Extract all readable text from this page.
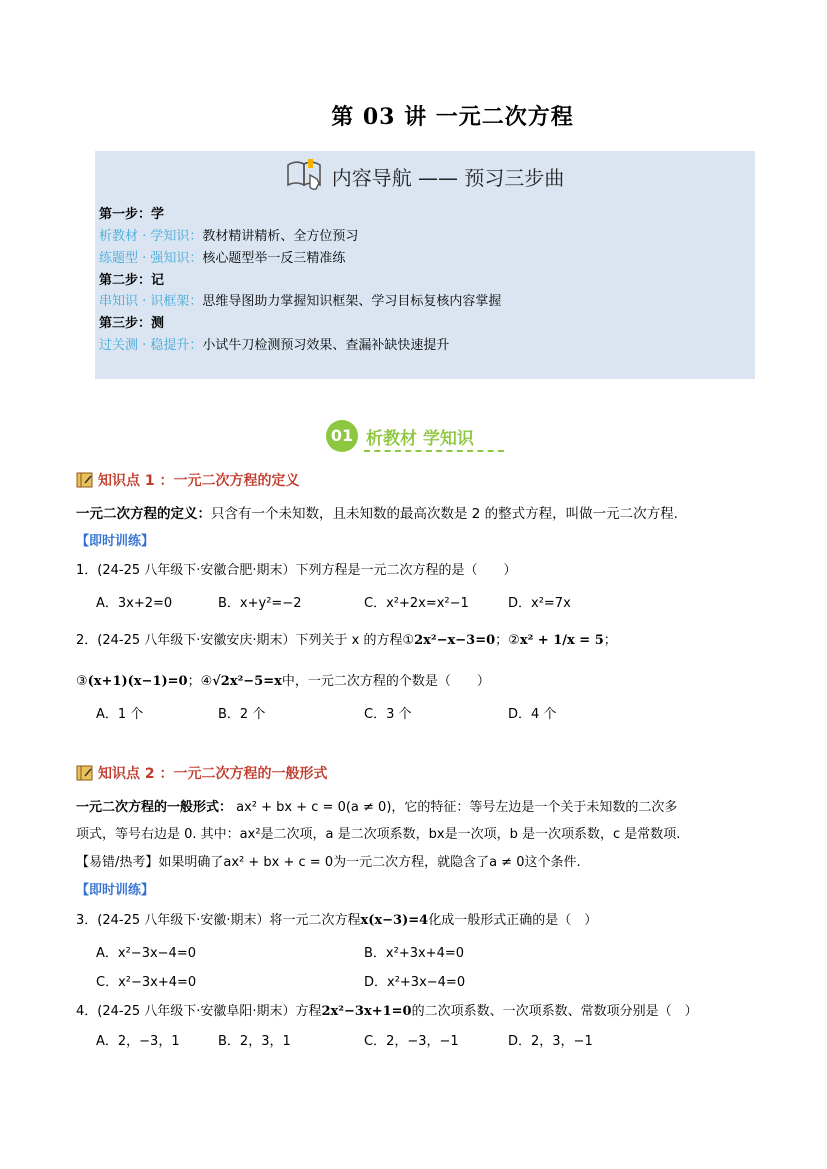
第 03 讲 一元二次方程
内容导航 —— 预习三步曲
第一步：学
析教材 · 学知识：教材精讲精析、全方位预习
练题型 · 强知识：核心题型举一反三精准练
第二步：记
串知识 · 识框架：思维导图助力掌握知识框架、学习目标复核内容掌握
第三步：测
过关测 · 稳提升：小试牛刀检测预习效果、查漏补缺快速提升
01 析教材 学知识
知识点 1 ：一元二次方程的定义
一元二次方程的定义：只含有一个未知数，且未知数的最高次数是 2 的整式方程，叫做一元二次方程.
【即时训练】
1．(24-25 八年级下·安徽合肥·期末）下列方程是一元二次方程的是（　　）
A．3x+2=0	B．x+y²=−2	C．x²+2x=x²−1	D．x²=7x
2．(24-25 八年级下·安徽安庆·期末）下列关于 x 的方程①2x²−x−3=0；②x² + 1/x = 5；
③(x+1)(x−1)=0；④√2x²−5=x中，一元二次方程的个数是（　　）
A．1 个	B．2 个	C．3 个	D．4 个
知识点 2 ：一元二次方程的一般形式
一元二次方程的一般形式： ax² + bx + c = 0(a ≠ 0)，它的特征：等号左边是一个关于未知数的二次多
项式，等号右边是 0. 其中：ax²是二次项，a 是二次项系数，bx是一次项，b 是一次项系数，c 是常数项.
【易错/热考】如果明确了ax² + bx + c = 0为一元二次方程，就隐含了a ≠ 0这个条件.
【即时训练】
3．(24-25 八年级下·安徽·期末）将一元二次方程x(x−3)=4化成一般形式正确的是（　）
A．x²−3x−4=0	B．x²+3x+4=0
C．x²−3x+4=0	D．x²+3x−4=0
4．(24-25 八年级下·安徽阜阳·期末）方程2x²−3x+1=0的二次项系数、一次项系数、常数项分别是（　）
A．2，−3，1	B．2，3，1	C．2，−3，−1	D．2，3，−1
